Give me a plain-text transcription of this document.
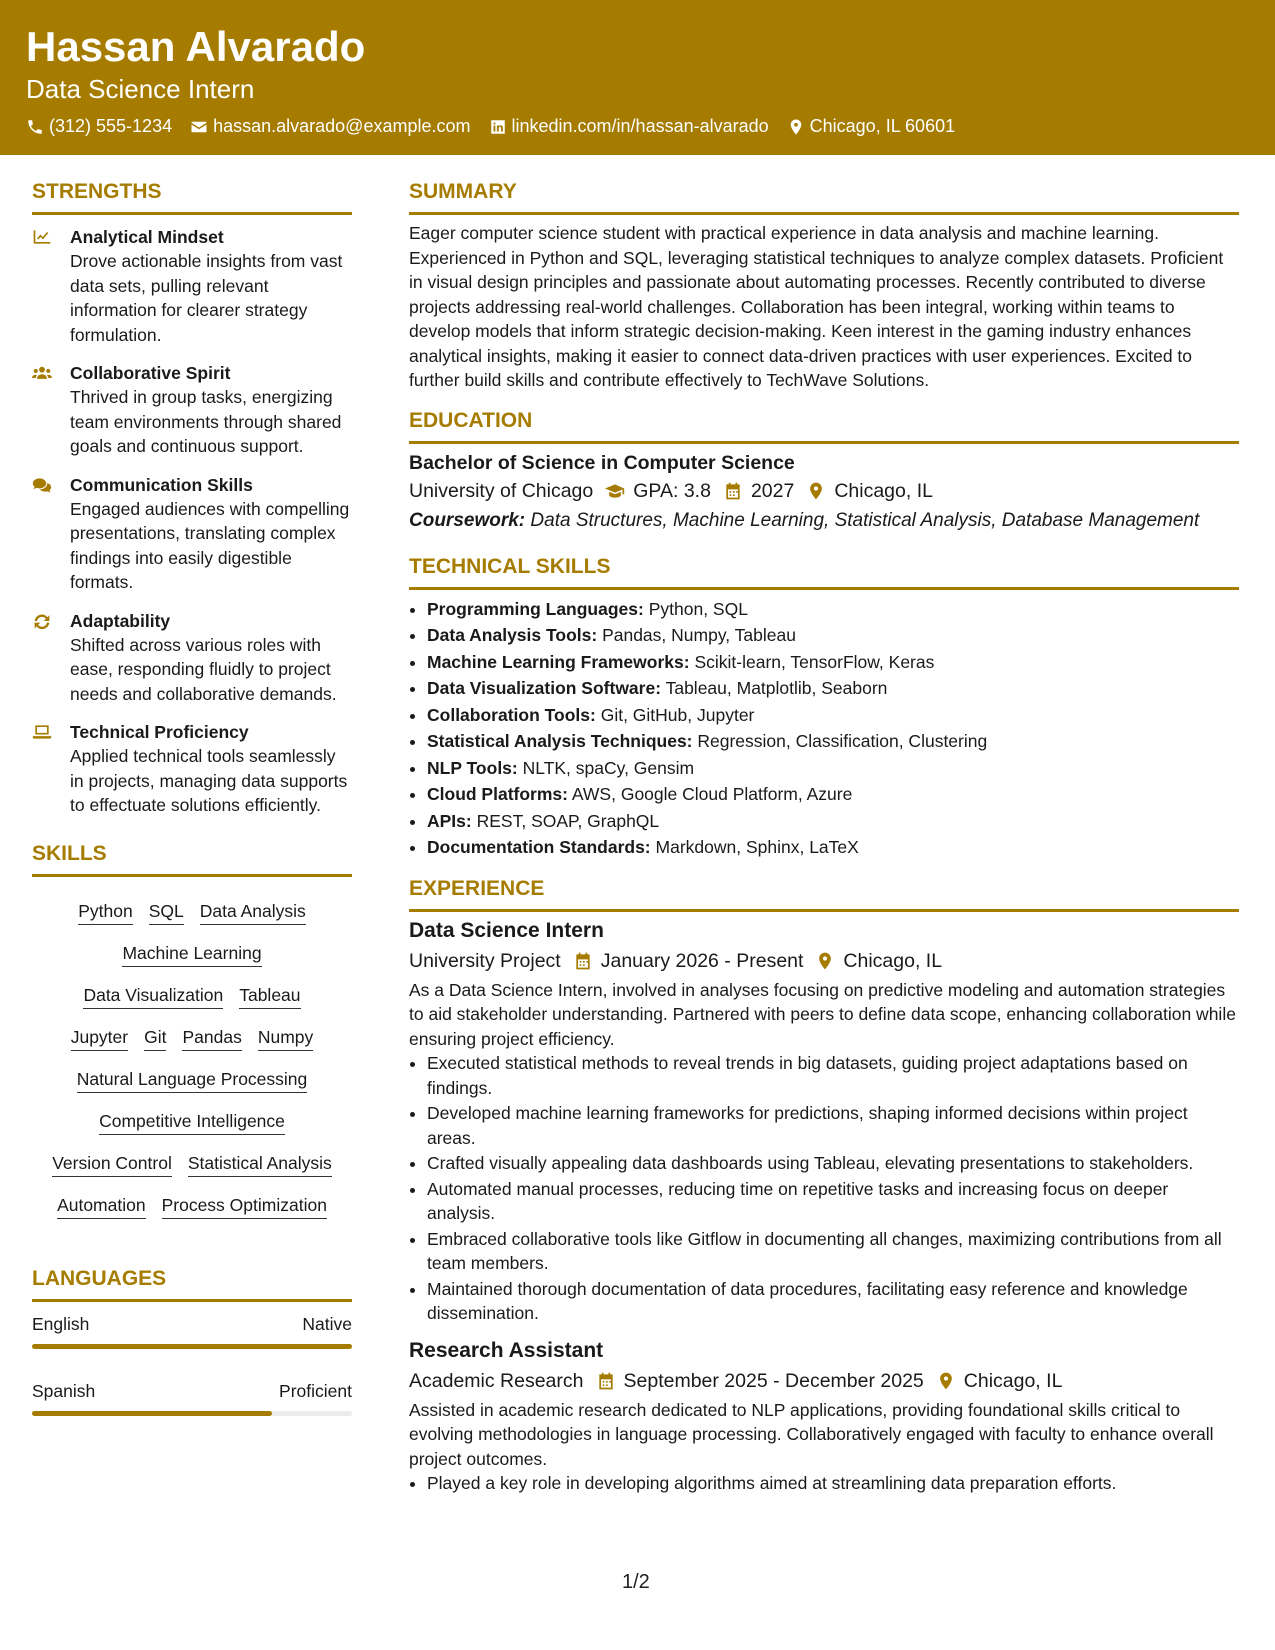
Hassan Alvarado
Data Science Intern
(312) 555-1234 hassan.alvarado@example.com linkedin.com/in/hassan-alvarado Chicago, IL 60601
STRENGTHS
Analytical Mindset
Drove actionable insights from vast data sets, pulling relevant information for clearer strategy formulation.
Collaborative Spirit
Thrived in group tasks, energizing team environments through shared goals and continuous support.
Communication Skills
Engaged audiences with compelling presentations, translating complex findings into easily digestible formats.
Adaptability
Shifted across various roles with ease, responding fluidly to project needs and collaborative demands.
Technical Proficiency
Applied technical tools seamlessly in projects, managing data supports to effectuate solutions efficiently.
SKILLS
Python SQL Data Analysis
Machine Learning
Data Visualization Tableau
Jupyter Git Pandas Numpy
Natural Language Processing
Competitive Intelligence
Version Control Statistical Analysis
Automation Process Optimization
LANGUAGES
English	Native
Spanish	Proficient
SUMMARY
Eager computer science student with practical experience in data analysis and machine learning. Experienced in Python and SQL, leveraging statistical techniques to analyze complex datasets. Proficient in visual design principles and passionate about automating processes. Recently contributed to diverse projects addressing real-world challenges. Collaboration has been integral, working within teams to develop models that inform strategic decision-making. Keen interest in the gaming industry enhances analytical insights, making it easier to connect data-driven practices with user experiences. Excited to further build skills and contribute effectively to TechWave Solutions.
EDUCATION
Bachelor of Science in Computer Science
University of Chicago GPA: 3.8 2027 Chicago, IL
Coursework: Data Structures, Machine Learning, Statistical Analysis, Database Management
TECHNICAL SKILLS
• Programming Languages: Python, SQL
• Data Analysis Tools: Pandas, Numpy, Tableau
• Machine Learning Frameworks: Scikit-learn, TensorFlow, Keras
• Data Visualization Software: Tableau, Matplotlib, Seaborn
• Collaboration Tools: Git, GitHub, Jupyter
• Statistical Analysis Techniques: Regression, Classification, Clustering
• NLP Tools: NLTK, spaCy, Gensim
• Cloud Platforms: AWS, Google Cloud Platform, Azure
• APIs: REST, SOAP, GraphQL
• Documentation Standards: Markdown, Sphinx, LaTeX
EXPERIENCE
Data Science Intern
University Project January 2026 - Present Chicago, IL
As a Data Science Intern, involved in analyses focusing on predictive modeling and automation strategies to aid stakeholder understanding. Partnered with peers to define data scope, enhancing collaboration while ensuring project efficiency.
• Executed statistical methods to reveal trends in big datasets, guiding project adaptations based on findings.
• Developed machine learning frameworks for predictions, shaping informed decisions within project areas.
• Crafted visually appealing data dashboards using Tableau, elevating presentations to stakeholders.
• Automated manual processes, reducing time on repetitive tasks and increasing focus on deeper analysis.
• Embraced collaborative tools like Gitflow in documenting all changes, maximizing contributions from all team members.
• Maintained thorough documentation of data procedures, facilitating easy reference and knowledge dissemination.
Research Assistant
Academic Research September 2025 - December 2025 Chicago, IL
Assisted in academic research dedicated to NLP applications, providing foundational skills critical to evolving methodologies in language processing. Collaboratively engaged with faculty to enhance overall project outcomes.
• Played a key role in developing algorithms aimed at streamlining data preparation efforts.
1/2
